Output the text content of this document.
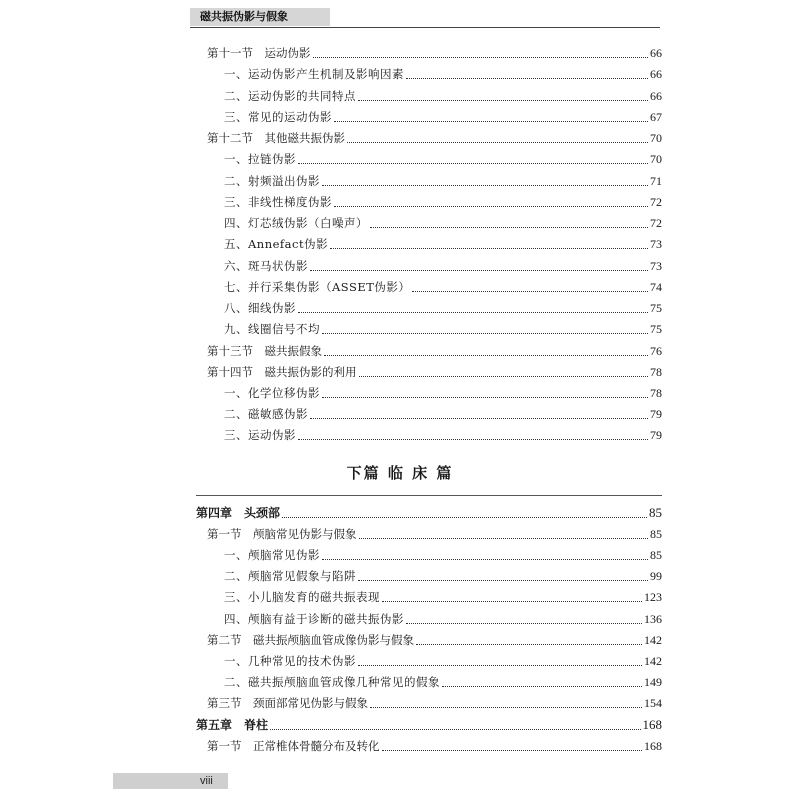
磁共振伪影与假象
第十一节　运动伪影	66
一、运动伪影产生机制及影响因素	66
二、运动伪影的共同特点	66
三、常见的运动伪影	67
第十二节　其他磁共振伪影	70
一、拉链伪影	70
二、射频溢出伪影	71
三、非线性梯度伪影	72
四、灯芯绒伪影（白噪声）	72
五、Annefact伪影	73
六、斑马状伪影	73
七、并行采集伪影（ASSET伪影）	74
八、细线伪影	75
九、线圈信号不均	75
第十三节　磁共振假象	76
第十四节　磁共振伪影的利用	78
一、化学位移伪影	78
二、磁敏感伪影	79
三、运动伪影	79
下篇 临 床 篇
第四章　头颈部	85
第一节　颅脑常见伪影与假象	85
一、颅脑常见伪影	85
二、颅脑常见假象与陷阱	99
三、小儿脑发育的磁共振表现	123
四、颅脑有益于诊断的磁共振伪影	136
第二节　磁共振颅脑血管成像伪影与假象	142
一、几种常见的技术伪影	142
二、磁共振颅脑血管成像几种常见的假象	149
第三节　颈面部常见伪影与假象	154
第五章　脊柱	168
第一节　正常椎体骨髓分布及转化	168
viii
